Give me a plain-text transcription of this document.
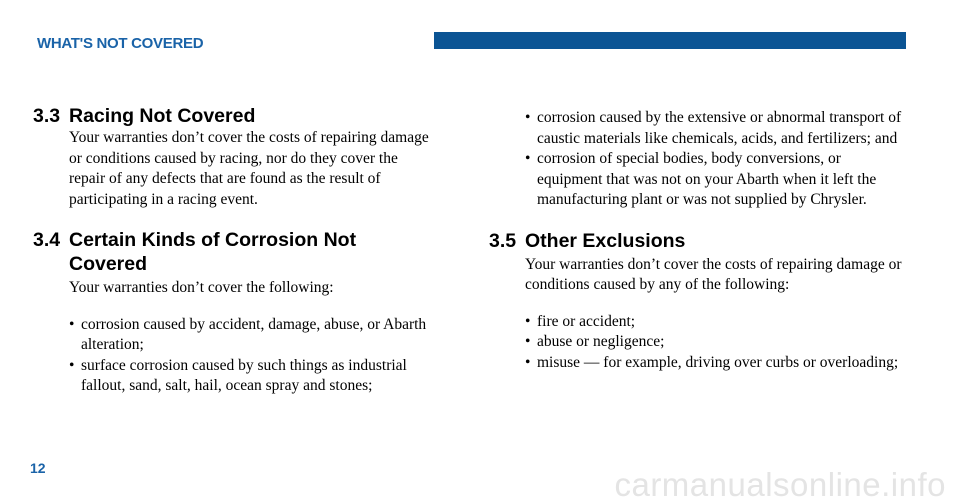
WHAT'S NOT COVERED
3.3 Racing Not Covered

Your warranties don’t cover the costs of repairing damage or conditions caused by racing, nor do they cover the repair of any defects that are found as the result of participating in a racing event.

3.4 Certain Kinds of Corrosion Not Covered

Your warranties don’t cover the following:

• corrosion caused by accident, damage, abuse, or Abarth alteration;
• surface corrosion caused by such things as industrial fallout, sand, salt, hail, ocean spray and stones;
• corrosion caused by the extensive or abnormal transport of caustic materials like chemicals, acids, and fertilizers; and
• corrosion of special bodies, body conversions, or equipment that was not on your Abarth when it left the manufacturing plant or was not supplied by Chrysler.
3.5 Other Exclusions

Your warranties don’t cover the costs of repairing damage or conditions caused by any of the following:

• fire or accident;
• abuse or negligence;
• misuse — for example, driving over curbs or overloading;
12	carmanualsonline.info
